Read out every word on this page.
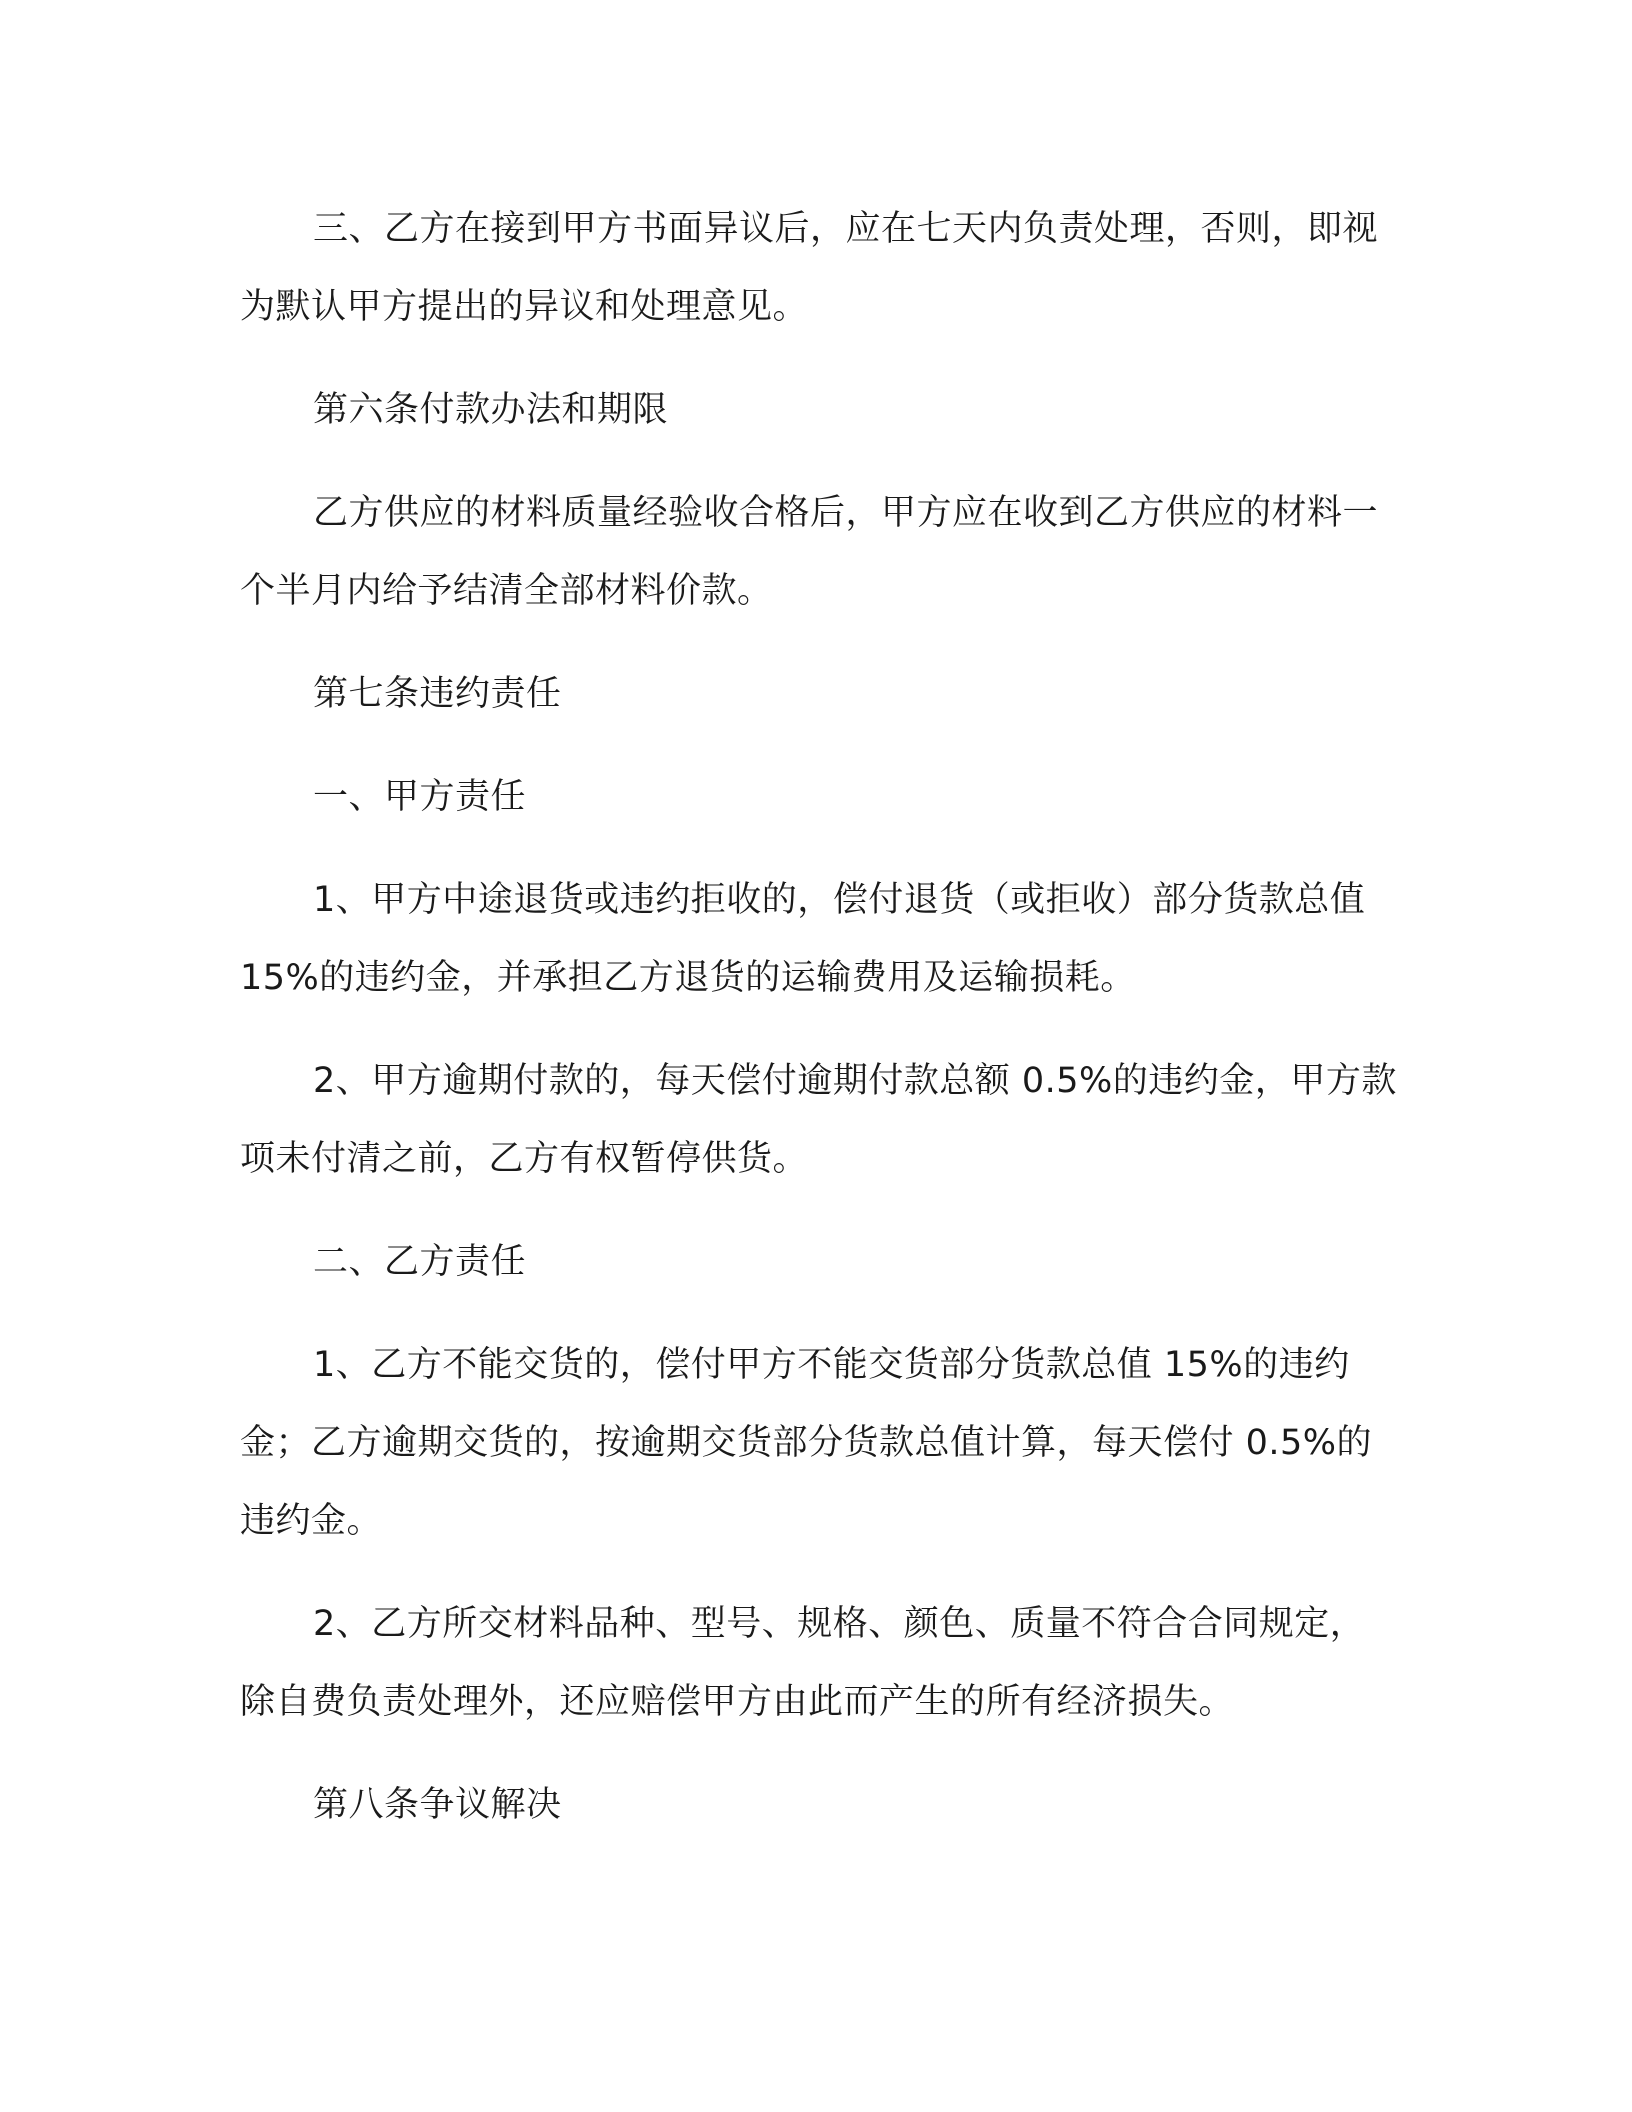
三、乙方在接到甲方书面异议后，应在七天内负责处理，否则，即视为默认甲方提出的异议和处理意见。

第六条付款办法和期限

乙方供应的材料质量经验收合格后，甲方应在收到乙方供应的材料一个半月内给予结清全部材料价款。

第七条违约责任

一、甲方责任

1、甲方中途退货或违约拒收的，偿付退货（或拒收）部分货款总值 15%的违约金，并承担乙方退货的运输费用及运输损耗。

2、甲方逾期付款的，每天偿付逾期付款总额 0.5%的违约金，甲方款项未付清之前，乙方有权暂停供货。

二、乙方责任

1、乙方不能交货的，偿付甲方不能交货部分货款总值 15%的违约金；乙方逾期交货的，按逾期交货部分货款总值计算，每天偿付 0.5%的违约金。

2、乙方所交材料品种、型号、规格、颜色、质量不符合合同规定，除自费负责处理外，还应赔偿甲方由此而产生的所有经济损失。

第八条争议解决
